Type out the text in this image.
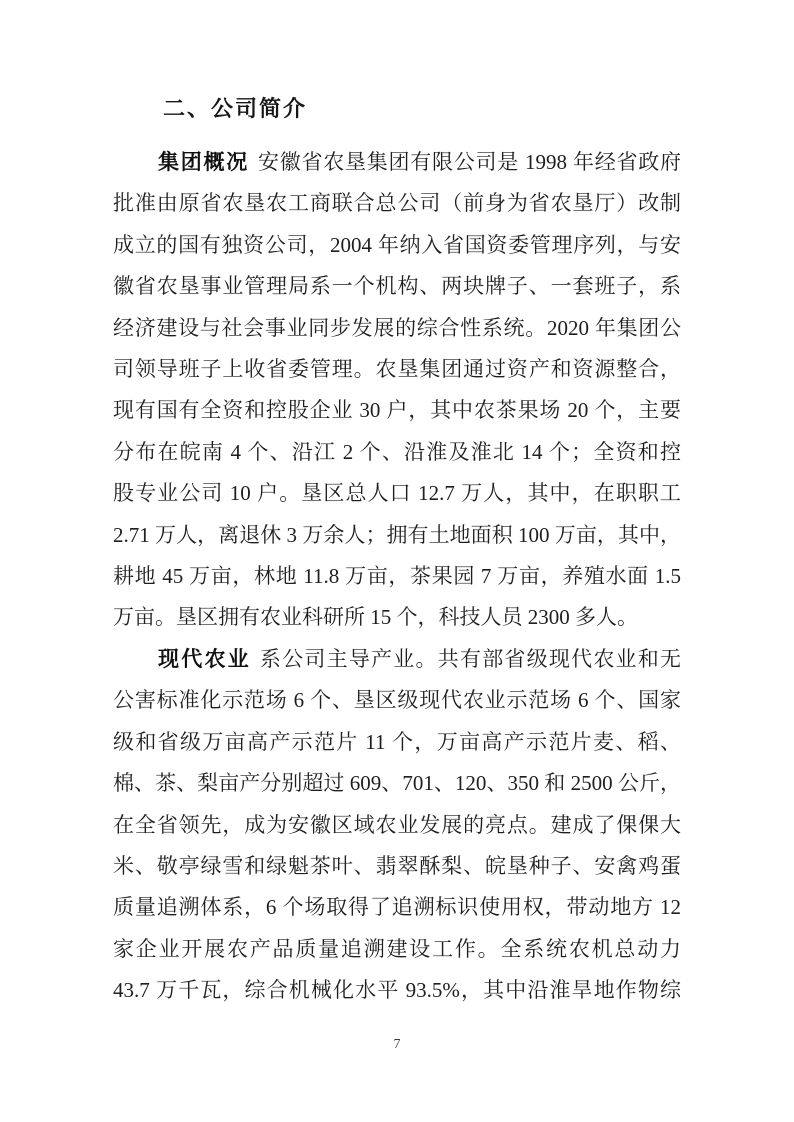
二、公司简介
集团概况 安徽省农垦集团有限公司是 1998 年经省政府
批准由原省农垦农工商联合总公司（前身为省农垦厅）改制
成立的国有独资公司，2004 年纳入省国资委管理序列，与安
徽省农垦事业管理局系一个机构、两块牌子、一套班子，系
经济建设与社会事业同步发展的综合性系统。2020 年集团公
司领导班子上收省委管理。农垦集团通过资产和资源整合，
现有国有全资和控股企业 30 户，其中农茶果场 20 个，主要
分布在皖南 4 个、沿江 2 个、沿淮及淮北 14 个；全资和控
股专业公司 10 户。垦区总人口 12.7 万人，其中，在职职工
2.71 万人，离退休 3 万余人；拥有土地面积 100 万亩，其中，
耕地 45 万亩，林地 11.8 万亩，茶果园 7 万亩，养殖水面 1.5
万亩。垦区拥有农业科研所 15 个，科技人员 2300 多人。
现代农业 系公司主导产业。共有部省级现代农业和无
公害标准化示范场 6 个、垦区级现代农业示范场 6 个、国家
级和省级万亩高产示范片 11 个，万亩高产示范片麦、稻、
棉、茶、梨亩产分别超过 609、701、120、350 和 2500 公斤，
在全省领先，成为安徽区域农业发展的亮点。建成了倮倮大
米、敬亭绿雪和绿魁茶叶、翡翠酥梨、皖垦种子、安禽鸡蛋
质量追溯体系，6 个场取得了追溯标识使用权，带动地方 12
家企业开展农产品质量追溯建设工作。全系统农机总动力
43.7 万千瓦，综合机械化水平 93.5%，其中沿淮旱地作物综
7
